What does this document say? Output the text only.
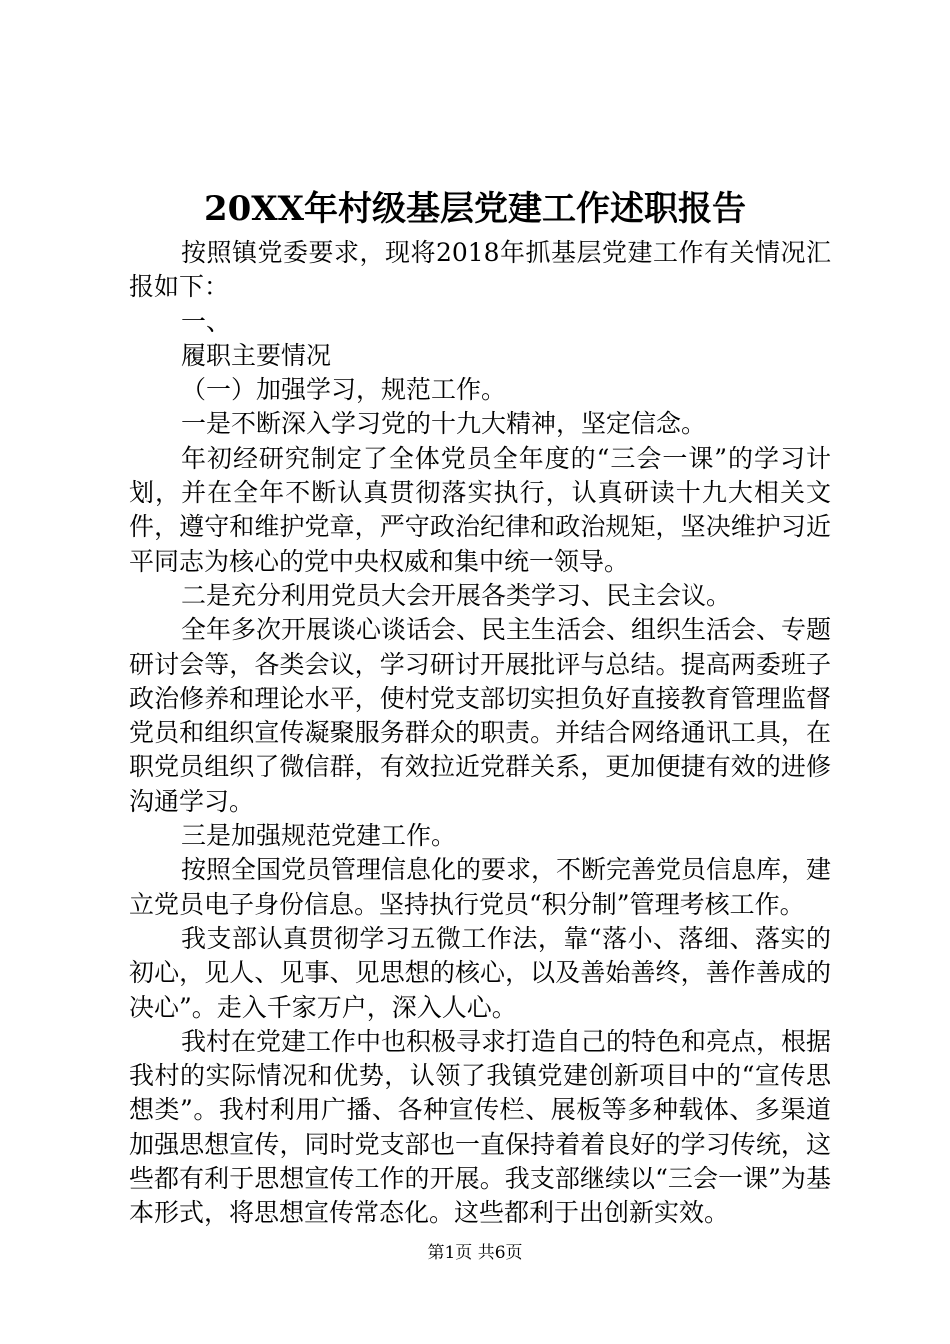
20XX年村级基层党建工作述职报告

按照镇党委要求，现将2018年抓基层党建工作有关情况汇报如下：

一、

履职主要情况

（一）加强学习，规范工作。

一是不断深入学习党的十九大精神，坚定信念。

年初经研究制定了全体党员全年度的“三会一课”的学习计划，并在全年不断认真贯彻落实执行，认真研读十九大相关文件，遵守和维护党章，严守政治纪律和政治规矩，坚决维护习近平同志为核心的党中央权威和集中统一领导。

二是充分利用党员大会开展各类学习、民主会议。

全年多次开展谈心谈话会、民主生活会、组织生活会、专题研讨会等，各类会议，学习研讨开展批评与总结。提高两委班子政治修养和理论水平，使村党支部切实担负好直接教育管理监督党员和组织宣传凝聚服务群众的职责。并结合网络通讯工具，在职党员组织了微信群，有效拉近党群关系，更加便捷有效的进修沟通学习。

三是加强规范党建工作。

按照全国党员管理信息化的要求，不断完善党员信息库，建立党员电子身份信息。坚持执行党员“积分制”管理考核工作。

我支部认真贯彻学习五微工作法，靠“落小、落细、落实的初心，见人、见事、见思想的核心，以及善始善终，善作善成的决心”。走入千家万户，深入人心。

我村在党建工作中也积极寻求打造自己的特色和亮点，根据我村的实际情况和优势，认领了我镇党建创新项目中的“宣传思想类”。我村利用广播、各种宣传栏、展板等多种载体、多渠道加强思想宣传，同时党支部也一直保持着着良好的学习传统，这些都有利于思想宣传工作的开展。我支部继续以“三会一课”为基本形式，将思想宣传常态化。这些都利于出创新实效。

第1页 共6页
